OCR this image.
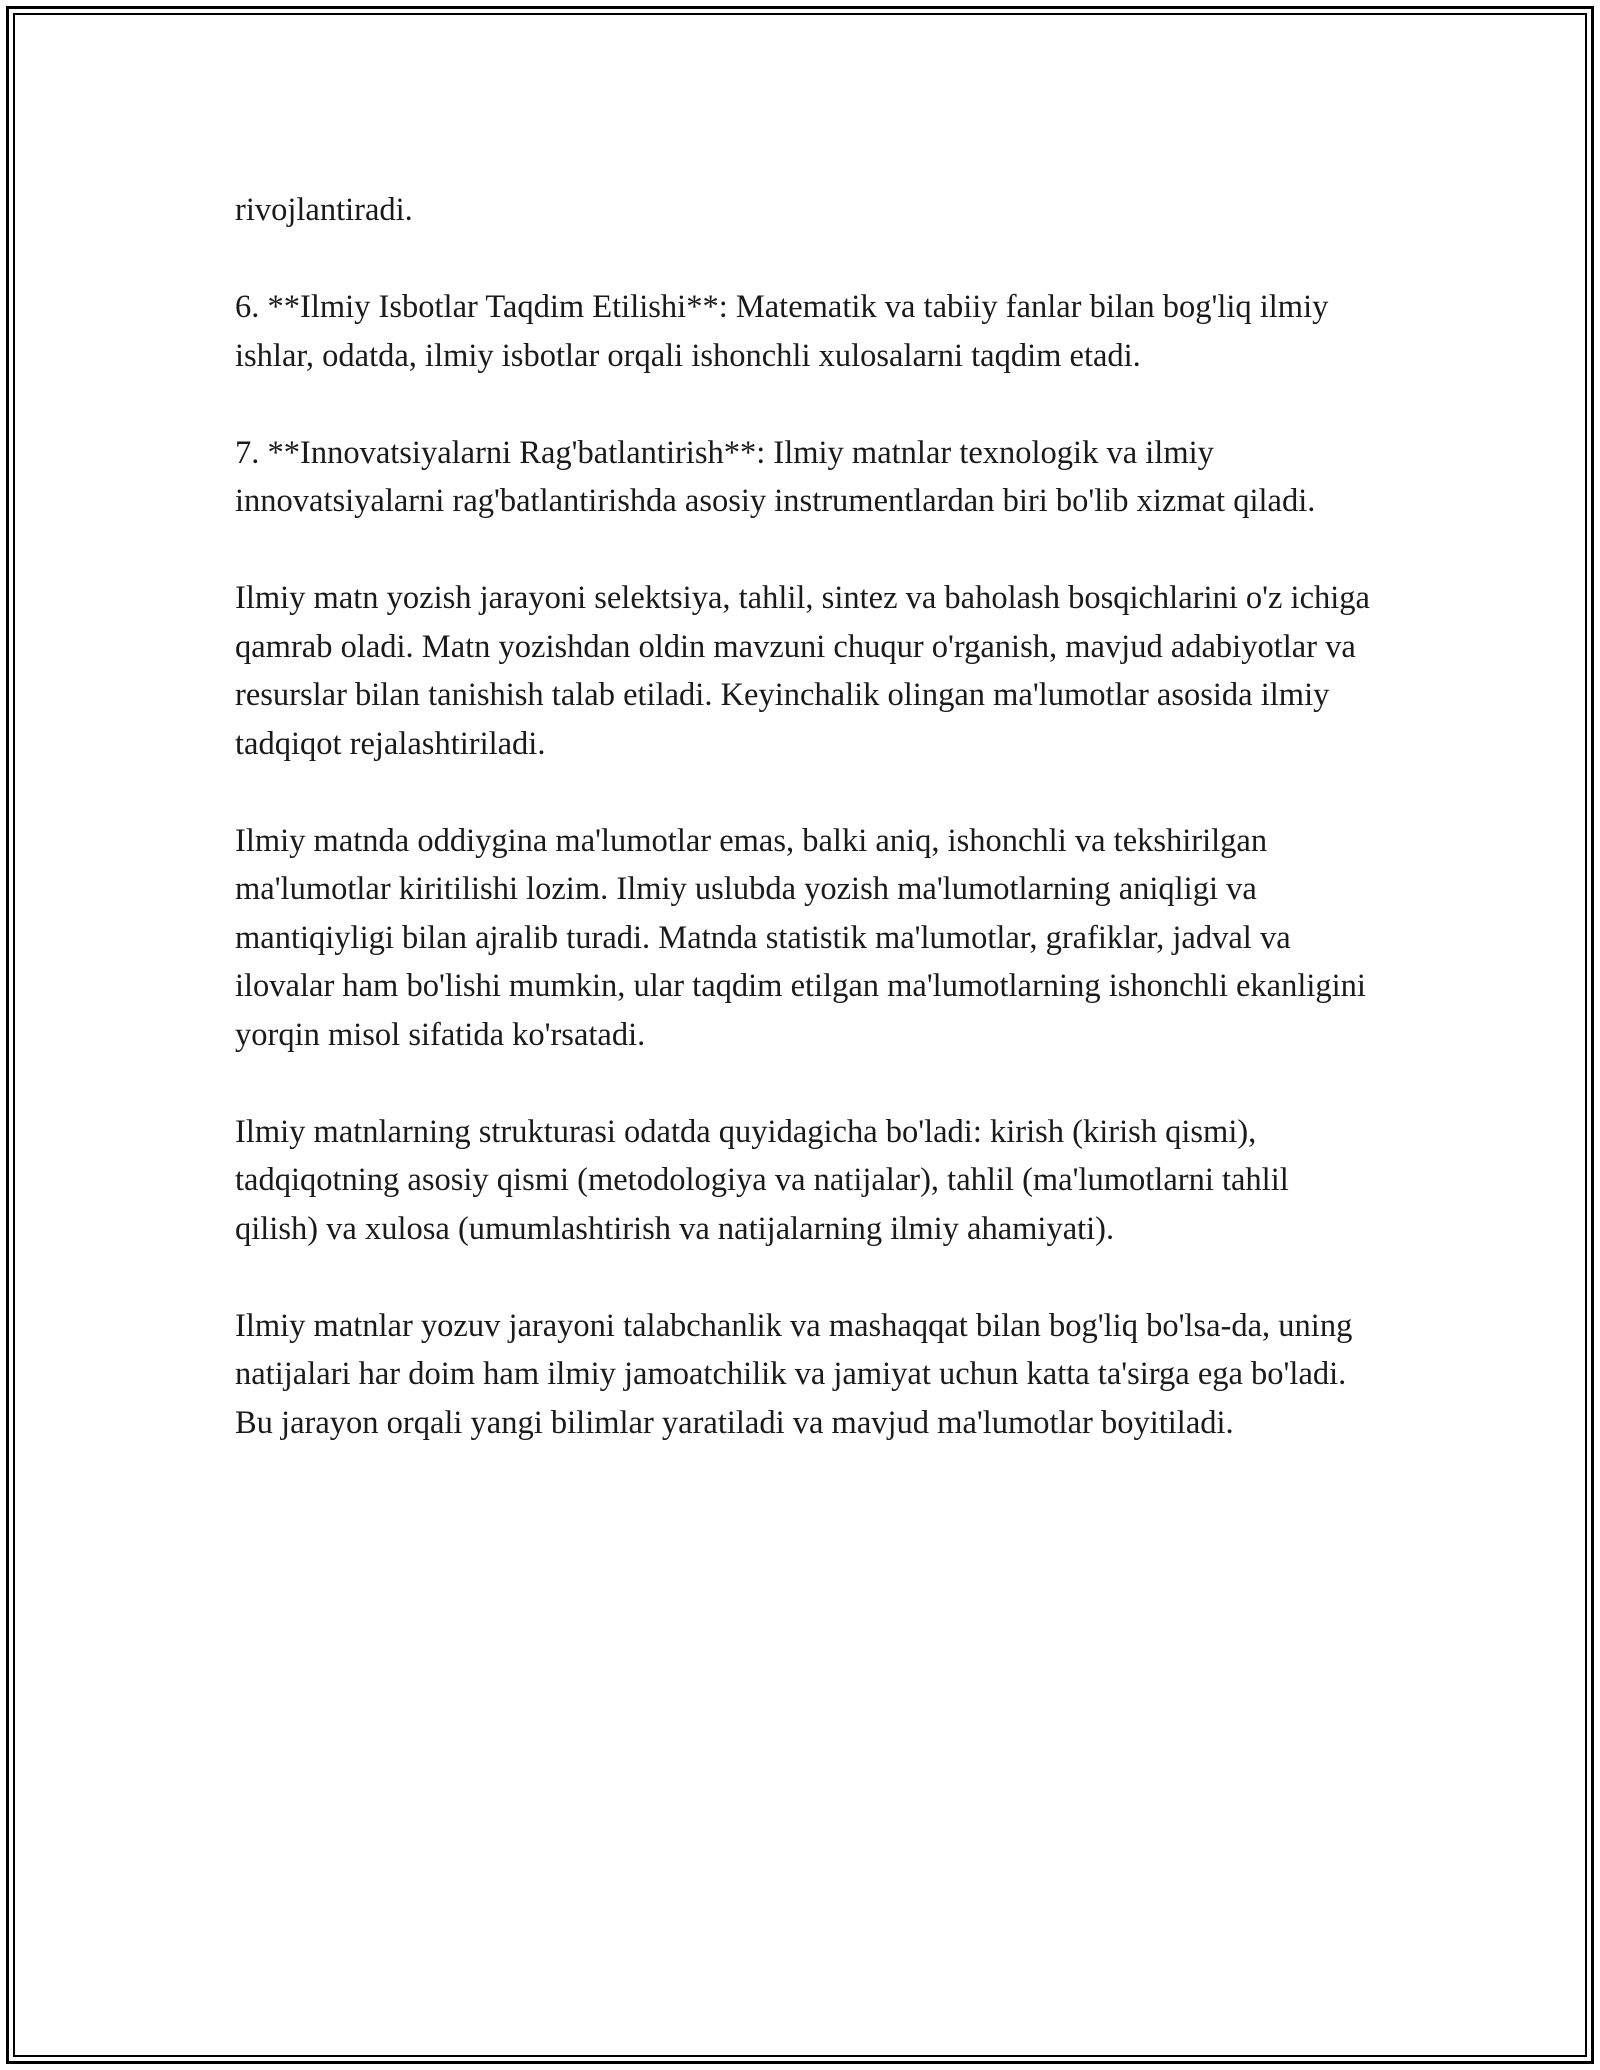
rivojlantiradi.

6. **Ilmiy Isbotlar Taqdim Etilishi**: Matematik va tabiiy fanlar bilan bog'liq ilmiy ishlar, odatda, ilmiy isbotlar orqali ishonchli xulosalarni taqdim etadi.

7. **Innovatsiyalarni Rag'batlantirish**: Ilmiy matnlar texnologik va ilmiy innovatsiyalarni rag'batlantirishda asosiy instrumentlardan biri bo'lib xizmat qiladi.

Ilmiy matn yozish jarayoni selektsiya, tahlil, sintez va baholash bosqichlarini o'z ichiga qamrab oladi. Matn yozishdan oldin mavzuni chuqur o'rganish, mavjud adabiyotlar va resurslar bilan tanishish talab etiladi. Keyinchalik olingan ma'lumotlar asosida ilmiy tadqiqot rejalashtiriladi.

Ilmiy matnda oddiygina ma'lumotlar emas, balki aniq, ishonchli va tekshirilgan ma'lumotlar kiritilishi lozim. Ilmiy uslubda yozish ma'lumotlarning aniqligi va mantiqiyligi bilan ajralib turadi. Matnda statistik ma'lumotlar, grafiklar, jadval va ilovalar ham bo'lishi mumkin, ular taqdim etilgan ma'lumotlarning ishonchli ekanligini yorqin misol sifatida ko'rsatadi.

Ilmiy matnlarning strukturasi odatda quyidagicha bo'ladi: kirish (kirish qismi), tadqiqotning asosiy qismi (metodologiya va natijalar), tahlil (ma'lumotlarni tahlil qilish) va xulosa (umumlashtirish va natijalarning ilmiy ahamiyati).

Ilmiy matnlar yozuv jarayoni talabchanlik va mashaqqat bilan bog'liq bo'lsa-da, uning natijalari har doim ham ilmiy jamoatchilik va jamiyat uchun katta ta'sirga ega bo'ladi. Bu jarayon orqali yangi bilimlar yaratiladi va mavjud ma'lumotlar boyitiladi.
